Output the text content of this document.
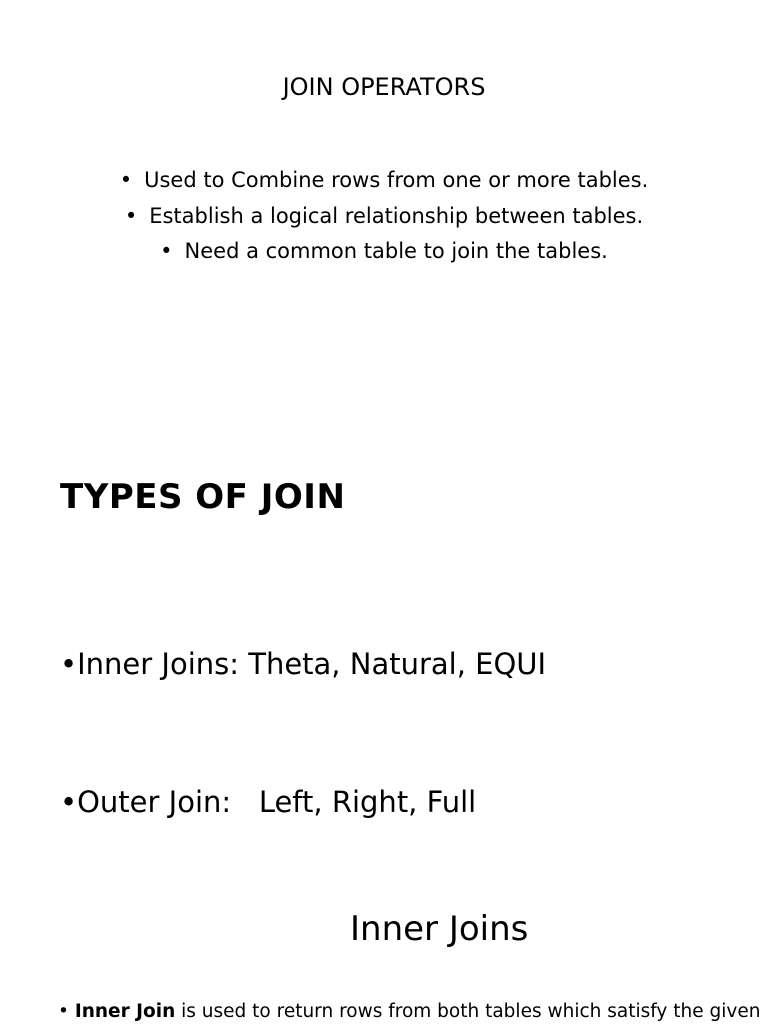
JOIN OPERATORS
• Used to Combine rows from one or more tables.
• Establish a logical relationship between tables.
• Need a common table to join the tables.
TYPES OF JOIN

•Inner Joins: Theta, Natural, EQUI

•Outer Join:   Left, Right, Full

Inner Joins
• Inner Join is used to return rows from both tables which satisfy the given
